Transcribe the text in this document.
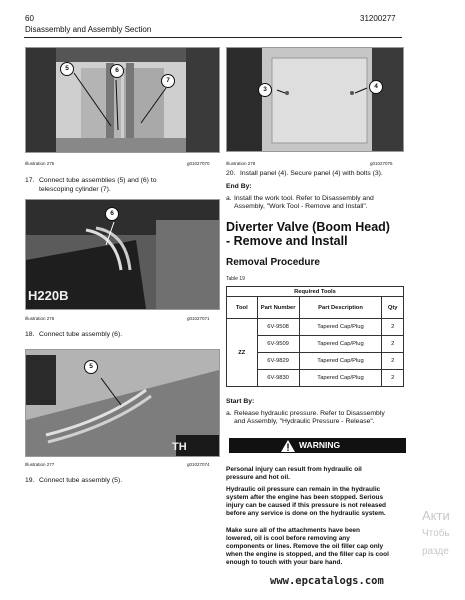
60	31200277
Disassembly and Assembly Section
5	6
7
Illustration 275	g01027070
17. Connect tube assemblies (5) and (6) to
telescoping cylinder (7).
H220B
6
Illustration 276	g01027071
18. Connect tube assembly (6).
TH
5
Illustration 277	g01027074
19. Connect tube assembly (5).
3	4
Illustration 278	g01027075
20. Install panel (4). Secure panel (4) with bolts (3).
End By:
a. Install the work tool. Refer to Disassembly and
Assembly, "Work Tool - Remove and Install".
Diverter Valve (Boom Head)
- Remove and Install
Removal Procedure
Table 19
Required Tools			
Tool	Part Number	Part Description	Qty
ZZ	6V-9508	Tapered Cap/Plug	2
	6V-9509	Tapered Cap/Plug	2
	6V-9829	Tapered Cap/Plug	2
	6V-9830	Tapered Cap/Plug	2
Start By:
a. Release hydraulic pressure. Refer to Disassembly
and Assembly, "Hydraulic Pressure - Release".
WARNING
Personal injury can result from hydraulic oil
pressure and hot oil.
Hydraulic oil pressure can remain in the hydraulic
system after the engine has been stopped. Serious
injury can be caused if this pressure is not released
before any service is done on the hydraulic system.
Make sure all of the attachments have been
lowered, oil is cool before removing any
components or lines. Remove the oil filler cap only
when the engine is stopped, and the filler cap is cool
enough to touch with your bare hand.
Акти
Чтобь
разде
www.epcatalogs.com
